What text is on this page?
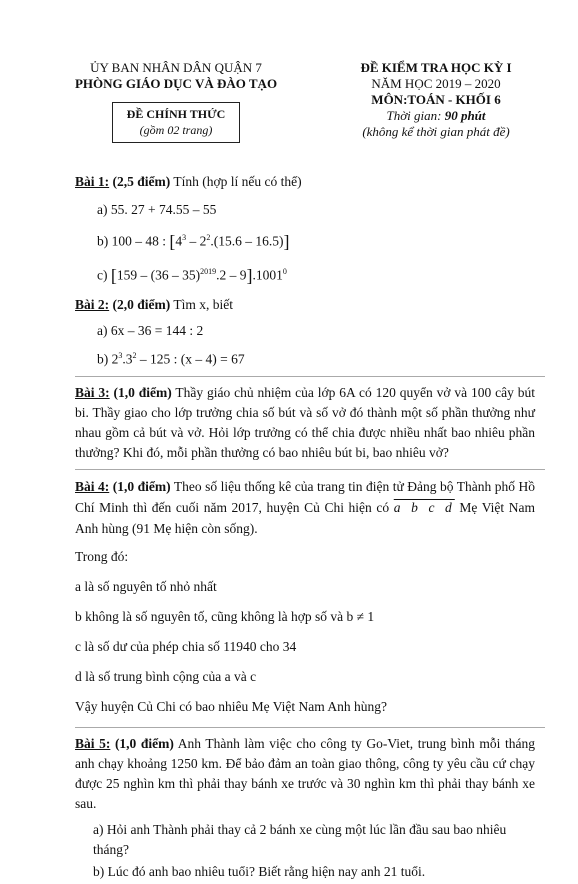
ỦY BAN NHÂN DÂN QUẬN 7
PHÒNG GIÁO DỤC VÀ ĐÀO TẠO
ĐỀ CHÍNH THỨC
(gồm 02 trang)
ĐỀ KIỂM TRA HỌC KỲ I
NĂM HỌC 2019 – 2020
MÔN:TOÁN - KHỐI 6
Thời gian: 90 phút
(không kể thời gian phát đề)

Bài 1: (2,5 điểm) Tính (hợp lí nếu có thể)

a) 55. 27 + 74.55 – 55
b) 100 – 48 : $[4^3 - 2^2.(15.6 - 16.5)]$
c) [159 – (36 – 35)$^{2019}$.2 – 9].1001$^0$

Bài 2: (2,0 điểm) Tìm x, biết

a) 6x – 36 = 144 : 2
b) $2^3.3^2 - 125$ : (x – 4) = 67

Bài 3: (1,0 điểm) Thầy giáo chủ nhiệm của lớp 6A có 120 quyển vở và 100 cây bút bi. Thầy giao cho lớp trưởng chia số bút và số vở đó thành một số phần thưởng như nhau gồm cả bút và vở. Hỏi lớp trưởng có thể chia được nhiều nhất bao nhiêu phần thưởng? Khi đó, mỗi phần thưởng có bao nhiêu bút bi, bao nhiêu vở?

Bài 4: (1,0 điểm) Theo số liệu thống kê của trang tin điện tử Đảng bộ Thành phố Hồ Chí Minh thì đến cuối năm 2017, huyện Củ Chi hiện có a b c d Mẹ Việt Nam Anh hùng (91 Mẹ hiện còn sống).

Trong đó:
a là số nguyên tố nhỏ nhất
b không là số nguyên tố, cũng không là hợp số và b ≠ 1
c là số dư của phép chia số 11940 cho 34
d là số trung bình cộng của a và c
Vậy huyện Củ Chi có bao nhiêu Mẹ Việt Nam Anh hùng?

Bài 5: (1,0 điểm) Anh Thành làm việc cho công ty Go-Viet, trung bình mỗi tháng anh chạy khoảng 1250 km. Để bảo đảm an toàn giao thông, công ty yêu cầu cứ chạy được 25 nghìn km thì phải thay bánh xe trước và 30 nghìn km thì phải thay bánh xe sau.

a) Hỏi anh Thành phải thay cả 2 bánh xe cùng một lúc lần đầu sau bao nhiêu tháng?
b) Lúc đó anh bao nhiêu tuổi? Biết rằng hiện nay anh 21 tuổi.
